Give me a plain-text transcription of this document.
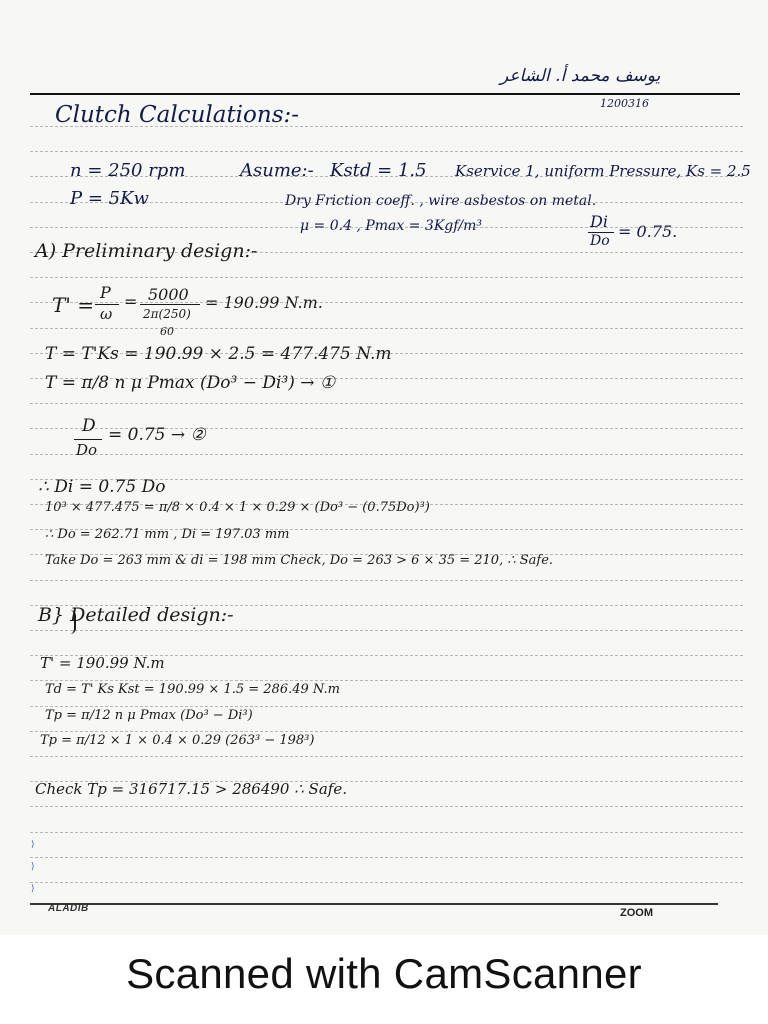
⟩
⟩
⟩
يوسف محمد أ. الشاعر
1200316
Clutch Calculations:-
n = 250 rpm
P = 5Kw
Asume:- Kstd = 1.5 Kservice 1, uniform Pressure, Ks = 2.5
Dry Friction coeff. , wire asbestos on metal.
μ = 0.4 , Pmax = 3Kgf/m³	Di
Do = 0.75.
A) Preliminary design:-
T' =
P
ω
= 5000
2π(250)
60
= 190.99 N.m.
T = T'Ks = 190.99 × 2.5 = 477.475 N.m
T = π/8 n μ Pmax (Do³ − Di³) → ①
D
Do
= 0.75 → ②
∴ Di = 0.75 Do
10³ × 477.475 = π/8 × 0.4 × 1 × 0.29 × (Do³ − (0.75Do)³)
∴ Do = 262.71 mm , Di = 197.03 mm
Take Do = 263 mm & di = 198 mm Check, Do = 263 > 6 × 35 = 210, ∴ Safe.
B} Detailed design:-
T' = 190.99 N.m
Td = T' Ks Kst = 190.99 × 1.5 = 286.49 N.m
Tp = π/12 n μ Pmax (Do³ − Di³)
Tp = π/12 × 1 × 0.4 × 0.29 (263³ − 198³)
Check Tp = 316717.15 > 286490 ∴ Safe.
ALADIB	ZOOM
Scanned with CamScanner
